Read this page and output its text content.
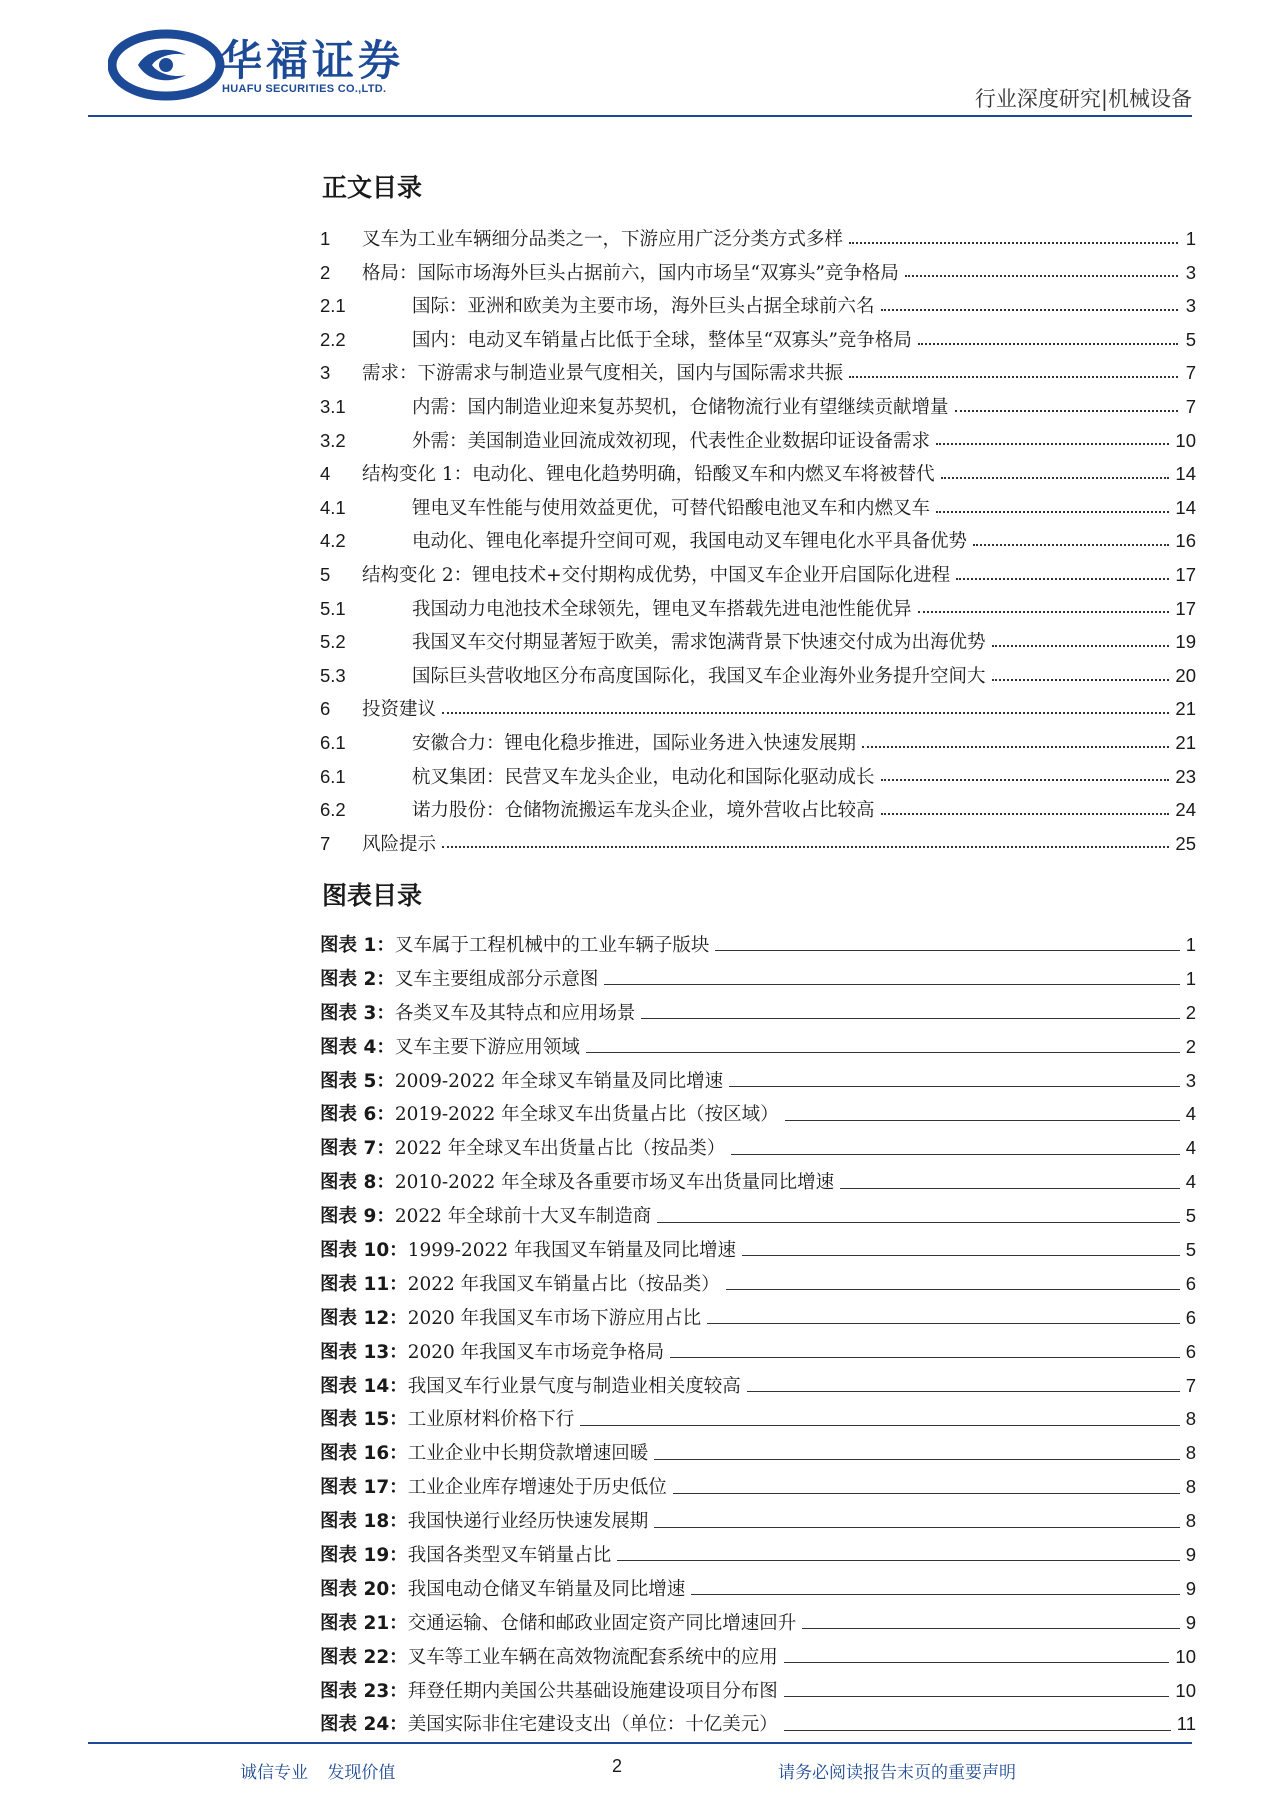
华福证券
HUAFU SECURITIES CO.,LTD.	行业深度研究|机械设备
正文目录
1	叉车为工业车辆细分品类之一，下游应用广泛分类方式多样	1
2	格局：国际市场海外巨头占据前六，国内市场呈“双寡头”竞争格局	3
2.1	国际：亚洲和欧美为主要市场，海外巨头占据全球前六名	3
2.2	国内：电动叉车销量占比低于全球，整体呈“双寡头”竞争格局	5
3	需求：下游需求与制造业景气度相关，国内与国际需求共振	7
3.1	内需：国内制造业迎来复苏契机，仓储物流行业有望继续贡献增量	7
3.2	外需：美国制造业回流成效初现，代表性企业数据印证设备需求	10
4	结构变化 1：电动化、锂电化趋势明确，铅酸叉车和内燃叉车将被替代	14
4.1	锂电叉车性能与使用效益更优，可替代铅酸电池叉车和内燃叉车	14
4.2	电动化、锂电化率提升空间可观，我国电动叉车锂电化水平具备优势	16
5	结构变化 2：锂电技术+交付期构成优势，中国叉车企业开启国际化进程	17
5.1	我国动力电池技术全球领先，锂电叉车搭载先进电池性能优异	17
5.2	我国叉车交付期显著短于欧美，需求饱满背景下快速交付成为出海优势	19
5.3	国际巨头营收地区分布高度国际化，我国叉车企业海外业务提升空间大	20
6	投资建议	21
6.1	安徽合力：锂电化稳步推进，国际业务进入快速发展期	21
6.1	杭叉集团：民营叉车龙头企业，电动化和国际化驱动成长	23
6.2	诺力股份：仓储物流搬运车龙头企业，境外营收占比较高	24
7	风险提示	25
图表目录
图表 1： 叉车属于工程机械中的工业车辆子版块	1
图表 2： 叉车主要组成部分示意图	1
图表 3： 各类叉车及其特点和应用场景	2
图表 4： 叉车主要下游应用领域	2
图表 5： 2009-2022 年全球叉车销量及同比增速	3
图表 6： 2019-2022 年全球叉车出货量占比（按区域）	4
图表 7： 2022 年全球叉车出货量占比（按品类）	4
图表 8： 2010-2022 年全球及各重要市场叉车出货量同比增速	4
图表 9： 2022 年全球前十大叉车制造商	5
图表 10： 1999-2022 年我国叉车销量及同比增速	5
图表 11： 2022 年我国叉车销量占比（按品类）	6
图表 12： 2020 年我国叉车市场下游应用占比	6
图表 13： 2020 年我国叉车市场竞争格局	6
图表 14： 我国叉车行业景气度与制造业相关度较高	7
图表 15： 工业原材料价格下行	8
图表 16： 工业企业中长期贷款增速回暖	8
图表 17： 工业企业库存增速处于历史低位	8
图表 18： 我国快递行业经历快速发展期	8
图表 19： 我国各类型叉车销量占比	9
图表 20： 我国电动仓储叉车销量及同比增速	9
图表 21： 交通运输、仓储和邮政业固定资产同比增速回升	9
图表 22： 叉车等工业车辆在高效物流配套系统中的应用	10
图表 23： 拜登任期内美国公共基础设施建设项目分布图	10
图表 24： 美国实际非住宅建设支出（单位：十亿美元）	11
诚信专业 发现价值	2	请务必阅读报告末页的重要声明
